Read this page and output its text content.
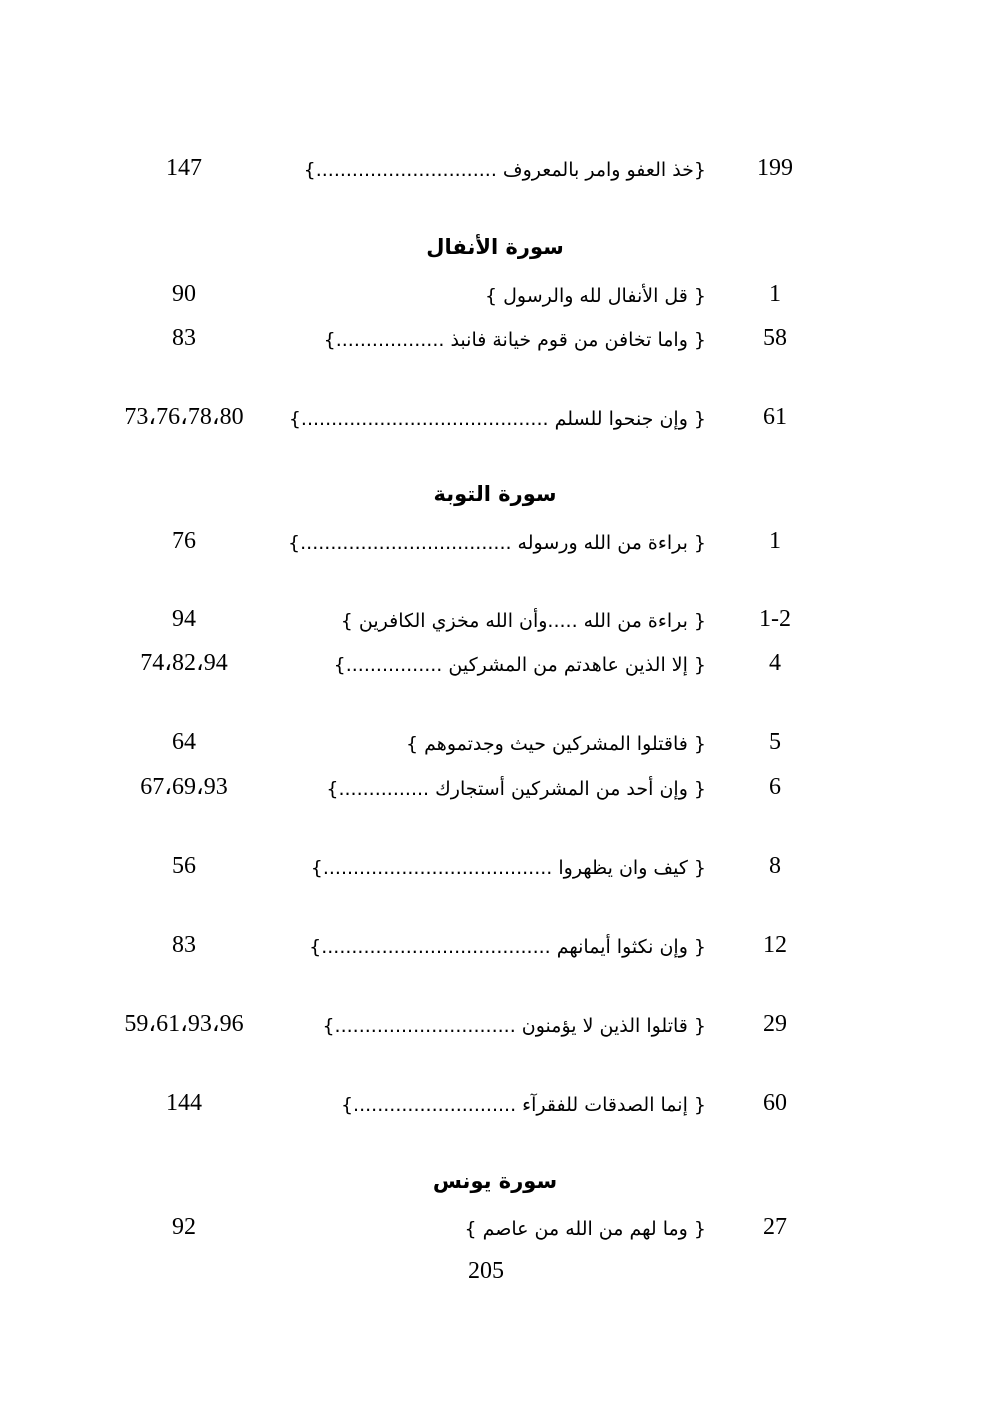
199
{خذ العفو وامر بالمعروف ..............................}
147
سورة الأنفال
1
{ قل الأنفال لله والرسول }
90
58
{ واما تخافن من قوم خيانة فانبذ ..................}
83
61
{ وإن جنحوا للسلم .........................................}
73،76،78،80
سورة التوبة
1
{ براءة من الله ورسوله ...................................}
76
1-2
{ براءة من الله .....وأن الله مخزي الكافرين }
94
4
{ إلا الذين عاهدتم من المشركين ................}
74،82،94
5
{ فاقتلوا المشركين حيث وجدتموهم }
64
6
{ وإن أحد من المشركين أستجارك ...............}
67،69،93
8
{ كيف وان يظهروا ......................................}
56
12
{ وإن نكثوا أيمانهم ......................................}
83
29
{ قاتلوا الذين لا يؤمنون ..............................}
59،61،93،96
60
{ إنما الصدقات للفقرآء ...........................}
144
سورة يونس
27
{ وما لهم من الله من عاصم }
92
205
